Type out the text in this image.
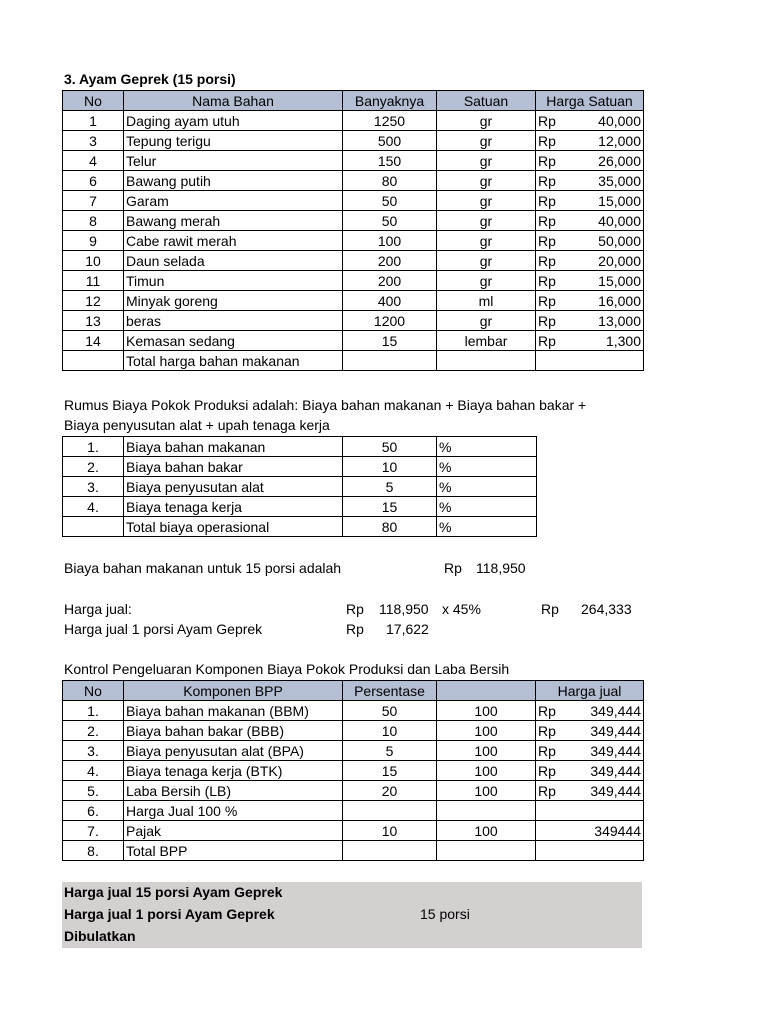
3. Ayam Geprek (15 porsi)
No	Nama Bahan	Banyaknya	Satuan	Harga Satuan
1	Daging ayam utuh	1250	gr	Rp 40,000

3	Tepung terigu	500	gr	Rp 12,000

4	Telur	150	gr	Rp 26,000

6	Bawang putih	80	gr	Rp 35,000

7	Garam	50	gr	Rp 15,000

8	Bawang merah	50	gr	Rp 40,000

9	Cabe rawit merah	100	gr	Rp 50,000

10	Daun selada	200	gr	Rp 20,000

11	Timun	200	gr	Rp 15,000

12	Minyak goreng	400	ml	Rp 16,000

13	beras	1200	gr	Rp 13,000

14	Kemasan sedang	15	lembar	Rp 1,300

	Total harga bahan makanan			
Rumus Biaya Pokok Produksi adalah: Biaya bahan makanan + Biaya bahan bakar +
Biaya penyusutan alat + upah tenaga kerja
1.	Biaya bahan makanan	50	%
2.	Biaya bahan bakar	10	%
3.	Biaya penyusutan alat	5	%
4.	Biaya tenaga kerja	15	%
	Total biaya operasional	80	%
Biaya bahan makanan untuk 15 porsi adalah	Rp 118,950
Harga jual:	Rp 118,950 x 45%	Rp 264,333
Harga jual 1 porsi Ayam Geprek	Rp 17,622
Kontrol Pengeluaran Komponen Biaya Pokok Produksi dan Laba Bersih
No	Komponen BPP	Persentase		Harga jual
1.	Biaya bahan makanan (BBM)	50	100	Rp 349,444

2.	Biaya bahan bakar (BBB)	10	100	Rp 349,444

3.	Biaya penyusutan alat (BPA)	5	100	Rp 349,444

4.	Biaya tenaga kerja (BTK)	15	100	Rp 349,444

5.	Laba Bersih (LB)	20	100	Rp 349,444

6.	Harga Jual 100 %			
7.	Pajak	10	100	349444
8.	Total BPP			
Harga jual 15 porsi Ayam Geprek
Harga jual 1 porsi Ayam Geprek	15 porsi
Dibulatkan
